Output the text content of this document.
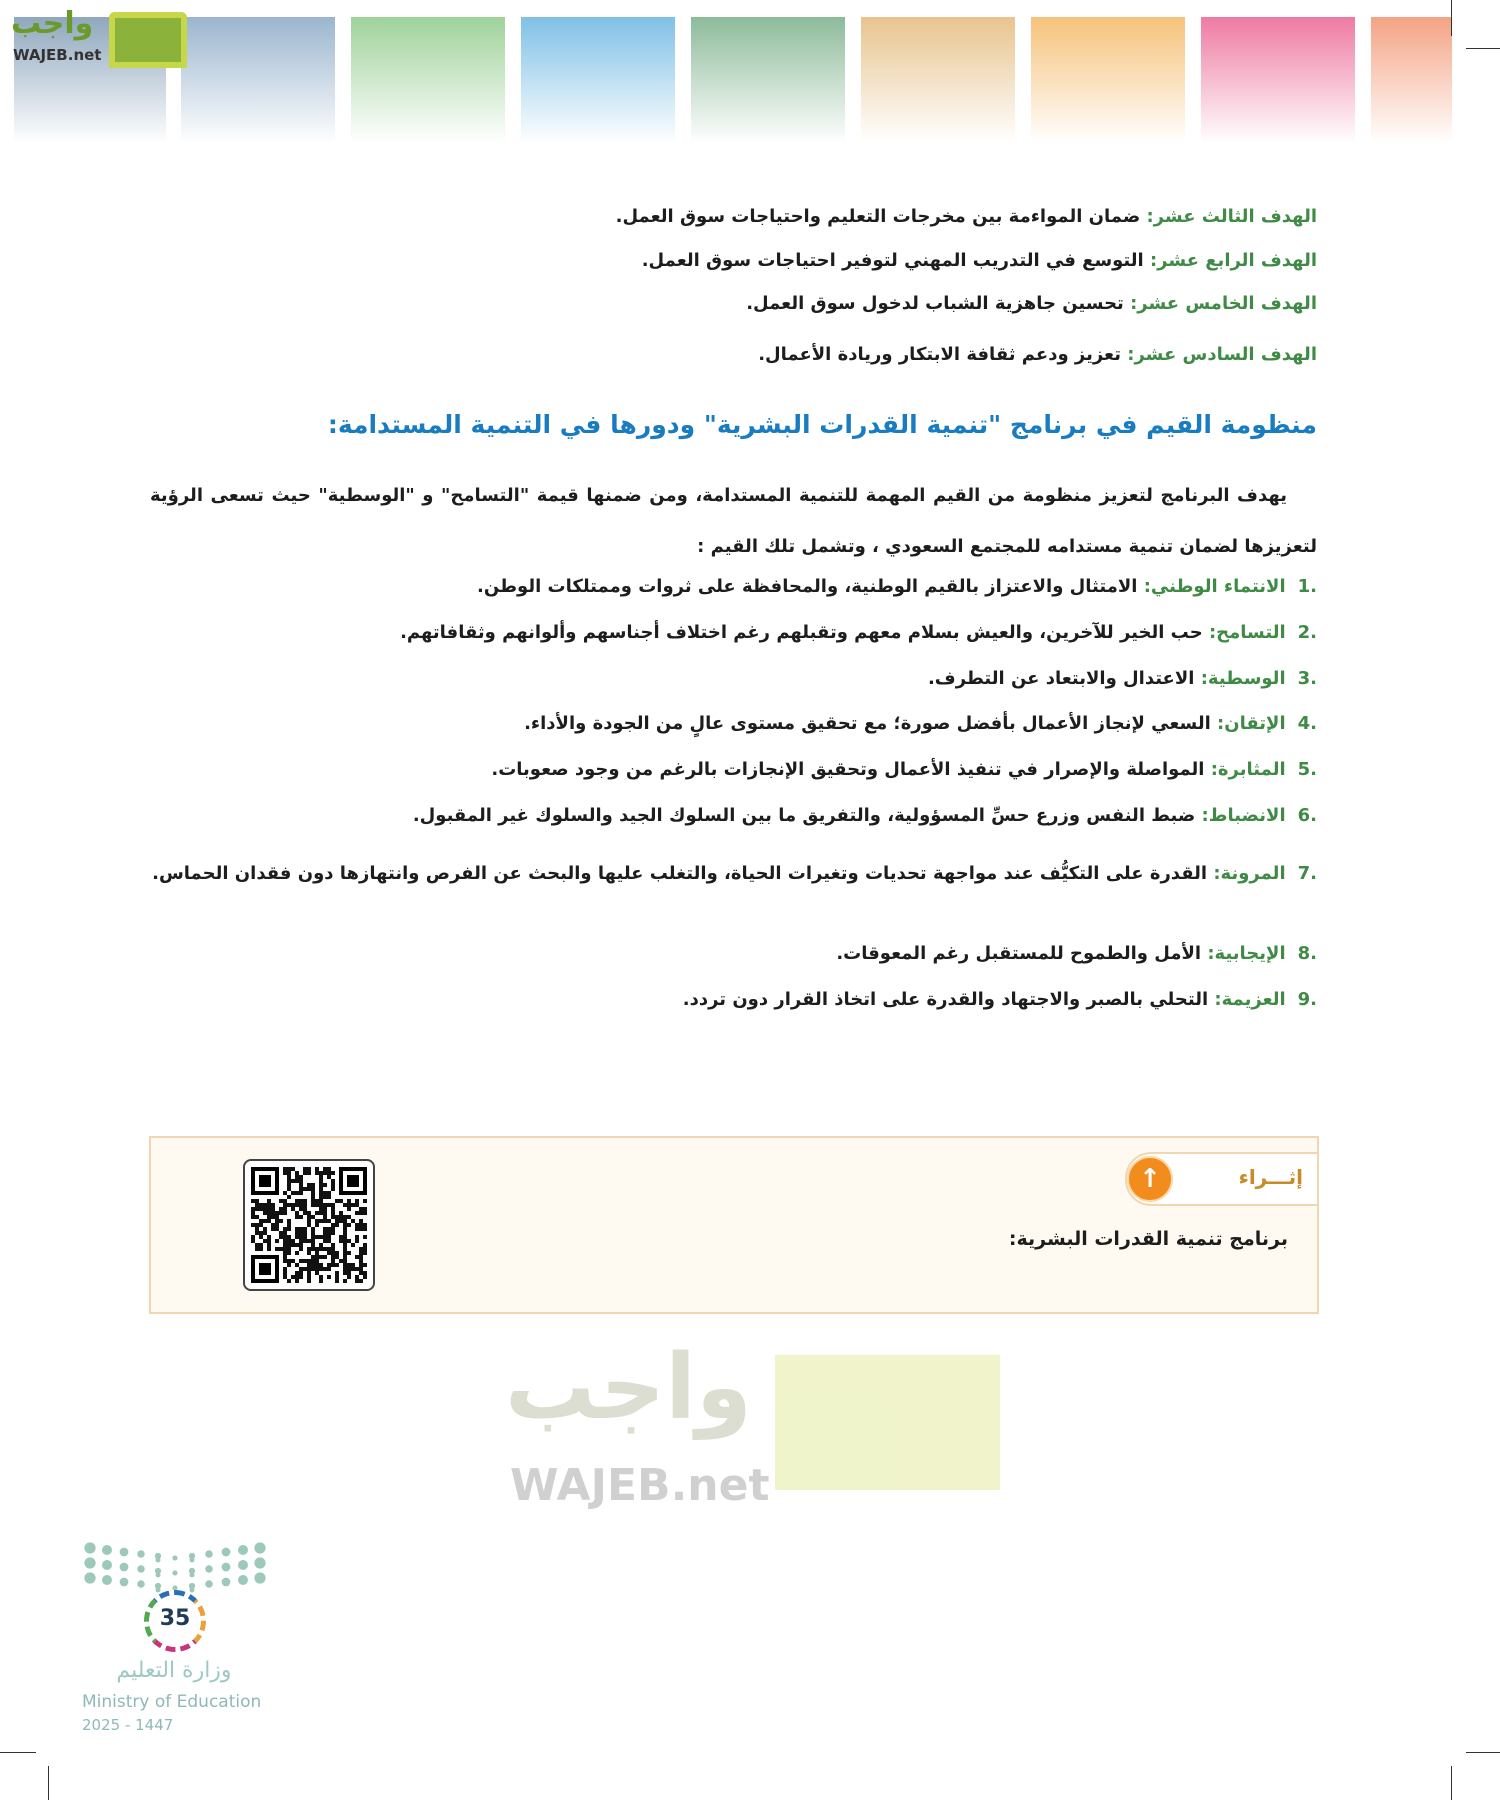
واجب
WAJEB.net
الهدف الثالث عشر: ضمان المواءمة بين مخرجات التعليم واحتياجات سوق العمل.
الهدف الرابع عشر: التوسع في التدريب المهني لتوفير احتياجات سوق العمل.
الهدف الخامس عشر: تحسين جاهزية الشباب لدخول سوق العمل.
الهدف السادس عشر: تعزيز ودعم ثقافة الابتكار وريادة الأعمال.
منظومة القيم في برنامج "تنمية القدرات البشرية" ودورها في التنمية المستدامة:
يهدف البرنامج لتعزيز منظومة من القيم المهمة للتنمية المستدامة، ومن ضمنها قيمة "التسامح" و "الوسطية" حيث تسعى الرؤية لتعزيزها لضمان تنمية مستدامه للمجتمع السعودي ، وتشمل تلك القيم :
.1الانتماء الوطني: الامتثال والاعتزاز بالقيم الوطنية، والمحافظة على ثروات وممتلكات الوطن.
.2التسامح: حب الخير للآخرين، والعيش بسلام معهم وتقبلهم رغم اختلاف أجناسهم وألوانهم وثقافاتهم.
.3الوسطية: الاعتدال والابتعاد عن التطرف.
.4الإتقان: السعي لإنجاز الأعمال بأفضل صورة؛ مع تحقيق مستوى عالٍ من الجودة والأداء.
.5المثابرة: المواصلة والإصرار في تنفيذ الأعمال وتحقيق الإنجازات بالرغم من وجود صعوبات.
.6الانضباط: ضبط النفس وزرع حسِّ المسؤولية، والتفريق ما بين السلوك الجيد والسلوك غير المقبول.
.7المرونة: القدرة على التكيُّف عند مواجهة تحديات وتغيرات الحياة، والتغلب عليها والبحث عن الفرص وانتهازها دون فقدان الحماس.
.8الإيجابية: الأمل والطموح للمستقبل رغم المعوقات.
.9العزيمة: التحلي بالصبر والاجتهاد والقدرة على اتخاذ القرار دون تردد.
إثـــراء
↑
برنامج تنمية القدرات البشرية:
واجب
WAJEB.net
35
وزارة التعليم
Ministry of Education
2025 - 1447
